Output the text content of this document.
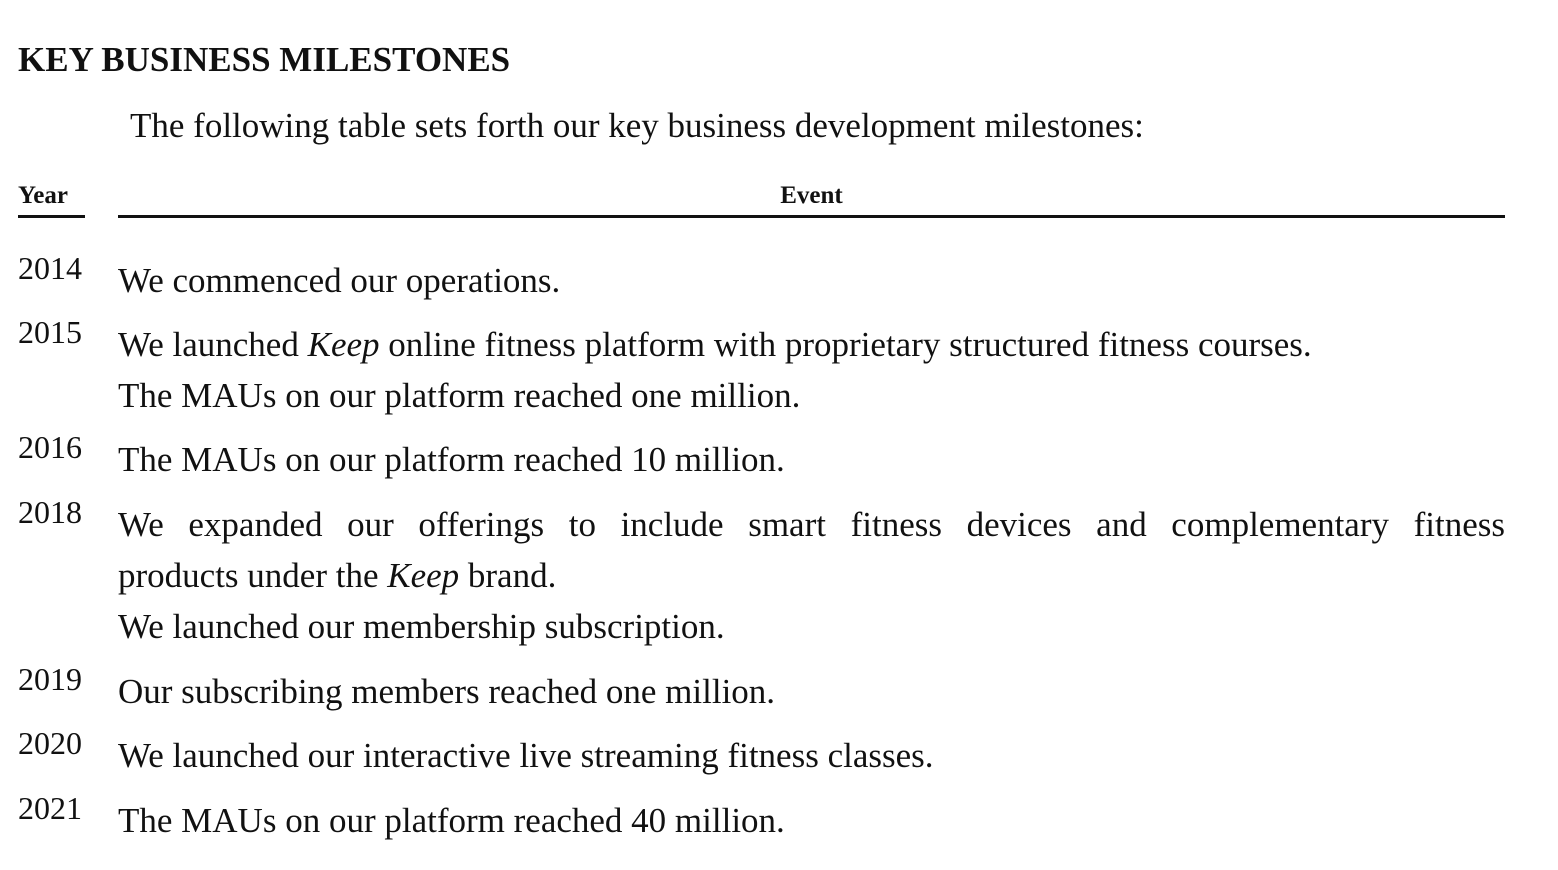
KEY BUSINESS MILESTONES
The following table sets forth our key business development milestones:
Year	Event
2014 We commenced our operations.
2015 We launched Keep online fitness platform with proprietary structured fitness courses.
The MAUs on our platform reached one million.
2016 The MAUs on our platform reached 10 million.
2018 We expanded our offerings to include smart fitness devices and complementary fitness
products under the Keep brand.
We launched our membership subscription.
2019 Our subscribing members reached one million.
2020 We launched our interactive live streaming fitness classes.
2021 The MAUs on our platform reached 40 million.
